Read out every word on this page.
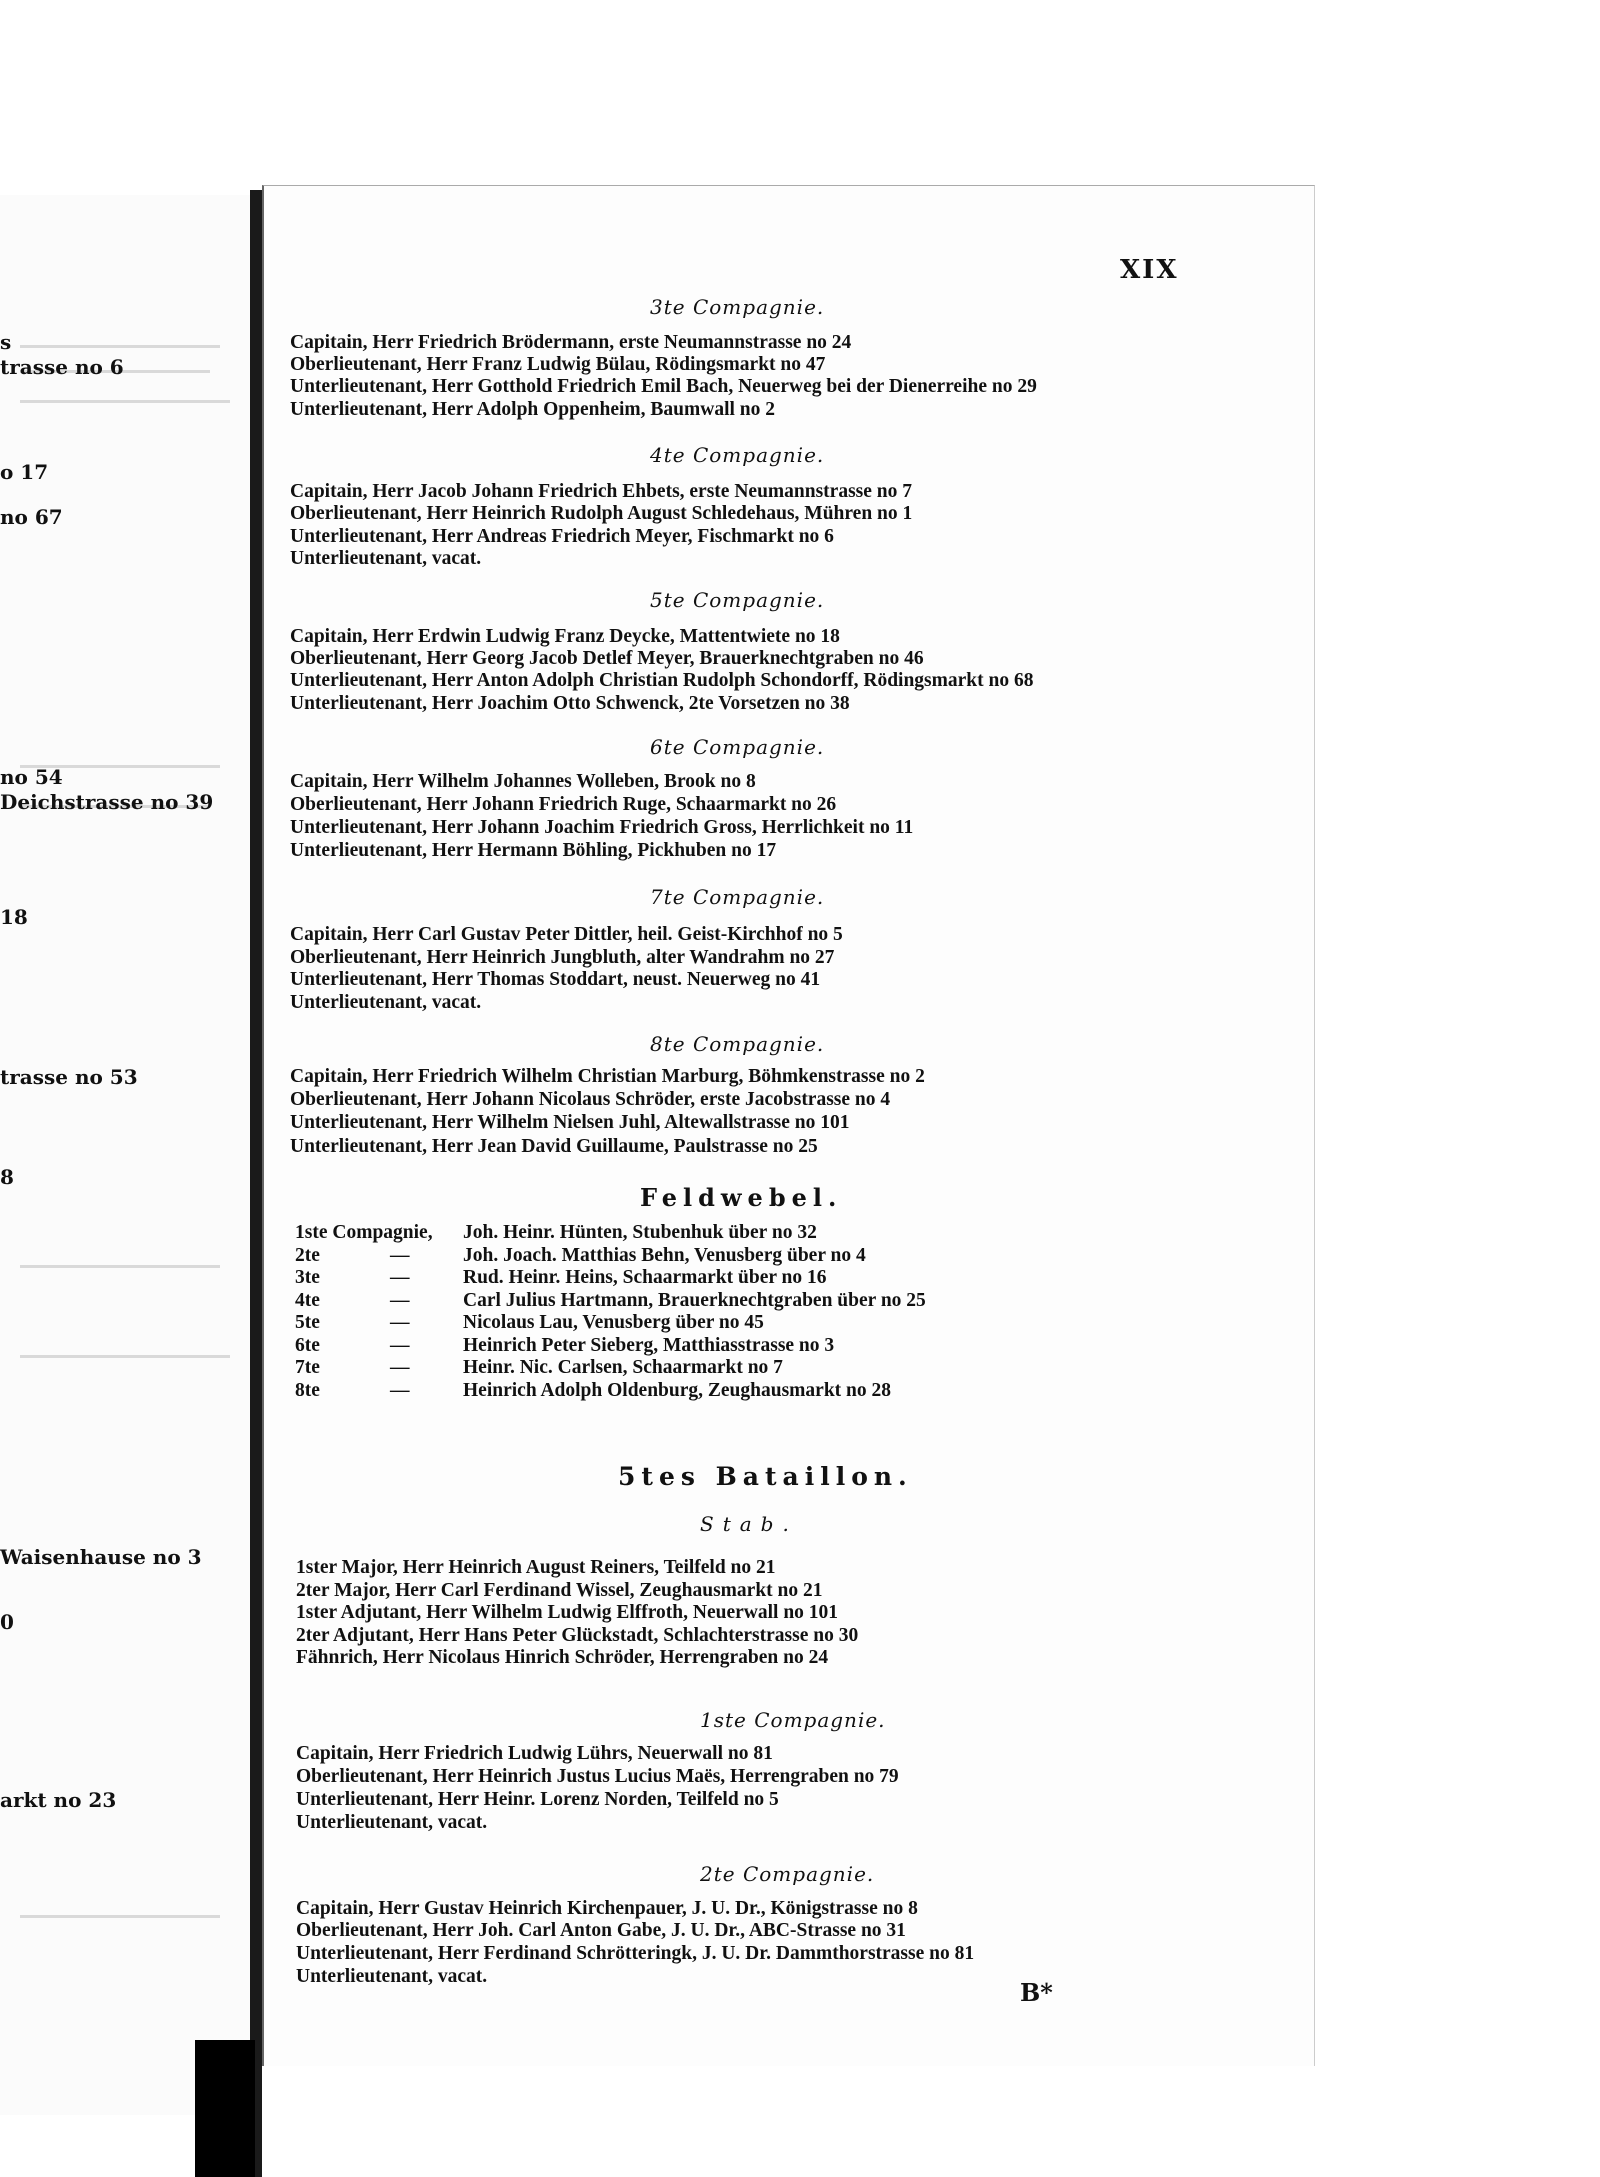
s
trasse no 6
o 17
no 67
no 54
Deichstrasse no 39
18
trasse no 53
8
Waisenhause no 3
0
arkt no 23
XIX
3te Compagnie.
Capitain, Herr Friedrich Brödermann, erste Neumannstrasse no 24
Oberlieutenant, Herr Franz Ludwig Bülau, Rödingsmarkt no 47
Unterlieutenant, Herr Gotthold Friedrich Emil Bach, Neuerweg bei der Dienerreihe no 29
Unterlieutenant, Herr Adolph Oppenheim, Baumwall no 2
4te Compagnie.
Capitain, Herr Jacob Johann Friedrich Ehbets, erste Neumannstrasse no 7
Oberlieutenant, Herr Heinrich Rudolph August Schledehaus, Mühren no 1
Unterlieutenant, Herr Andreas Friedrich Meyer, Fischmarkt no 6
Unterlieutenant, vacat.
5te Compagnie.
Capitain, Herr Erdwin Ludwig Franz Deycke, Mattentwiete no 18
Oberlieutenant, Herr Georg Jacob Detlef Meyer, Brauerknechtgraben no 46
Unterlieutenant, Herr Anton Adolph Christian Rudolph Schondorff, Rödingsmarkt no 68
Unterlieutenant, Herr Joachim Otto Schwenck, 2te Vorsetzen no 38
6te Compagnie.
Capitain, Herr Wilhelm Johannes Wolleben, Brook no 8
Oberlieutenant, Herr Johann Friedrich Ruge, Schaarmarkt no 26
Unterlieutenant, Herr Johann Joachim Friedrich Gross, Herrlichkeit no 11
Unterlieutenant, Herr Hermann Böhling, Pickhuben no 17
7te Compagnie.
Capitain, Herr Carl Gustav Peter Dittler, heil. Geist-Kirchhof no 5
Oberlieutenant, Herr Heinrich Jungbluth, alter Wandrahm no 27
Unterlieutenant, Herr Thomas Stoddart, neust. Neuerweg no 41
Unterlieutenant, vacat.
8te Compagnie.
Capitain, Herr Friedrich Wilhelm Christian Marburg, Böhmkenstrasse no 2
Oberlieutenant, Herr Johann Nicolaus Schröder, erste Jacobstrasse no 4
Unterlieutenant, Herr Wilhelm Nielsen Juhl, Altewallstrasse no 101
Unterlieutenant, Herr Jean David Guillaume, Paulstrasse no 25
Feldwebel.
1ste Compagnie, Joh. Heinr. Hünten, Stubenhuk über no 32
2te	—	Joh. Joach. Matthias Behn, Venusberg über no 4
3te	—	Rud. Heinr. Heins, Schaarmarkt über no 16
4te	—	Carl Julius Hartmann, Brauerknechtgraben über no 25
5te	—	Nicolaus Lau, Venusberg über no 45
6te	—	Heinrich Peter Sieberg, Matthiasstrasse no 3
7te	—	Heinr. Nic. Carlsen, Schaarmarkt no 7
8te	—	Heinrich Adolph Oldenburg, Zeughausmarkt no 28
5tes Bataillon.
Stab.
1ster Major, Herr Heinrich August Reiners, Teilfeld no 21
2ter Major, Herr Carl Ferdinand Wissel, Zeughausmarkt no 21
1ster Adjutant, Herr Wilhelm Ludwig Elffroth, Neuerwall no 101
2ter Adjutant, Herr Hans Peter Glückstadt, Schlachterstrasse no 30
Fähnrich, Herr Nicolaus Hinrich Schröder, Herrengraben no 24
1ste Compagnie.
Capitain, Herr Friedrich Ludwig Lührs, Neuerwall no 81
Oberlieutenant, Herr Heinrich Justus Lucius Maës, Herrengraben no 79
Unterlieutenant, Herr Heinr. Lorenz Norden, Teilfeld no 5
Unterlieutenant, vacat.
2te Compagnie.
Capitain, Herr Gustav Heinrich Kirchenpauer, J. U. Dr., Königstrasse no 8
Oberlieutenant, Herr Joh. Carl Anton Gabe, J. U. Dr., ABC-Strasse no 31
Unterlieutenant, Herr Ferdinand Schrötteringk, J. U. Dr. Dammthorstrasse no 81
Unterlieutenant, vacat.
B*
